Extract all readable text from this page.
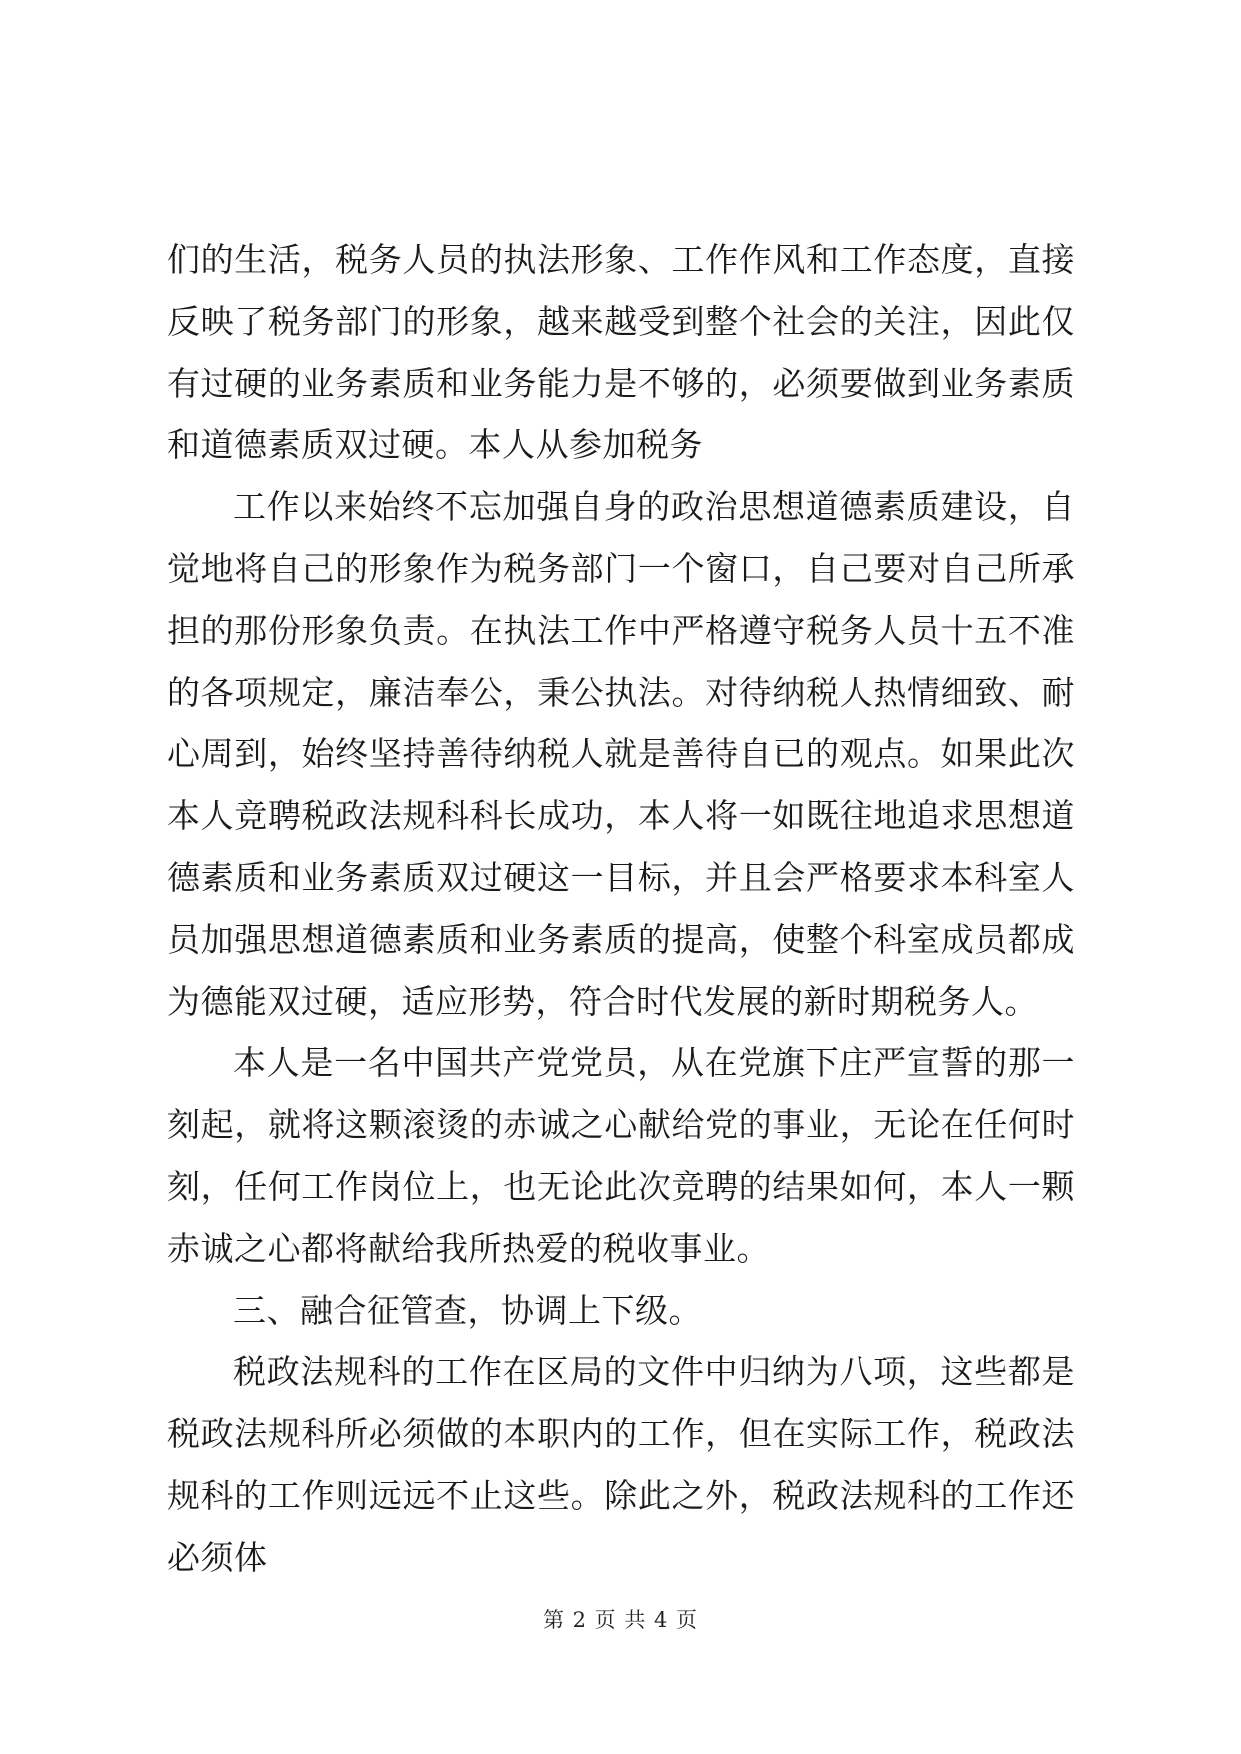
们的生活，税务人员的执法形象、工作作风和工作态度，直接反映了税务部门的形象，越来越受到整个社会的关注，因此仅有过硬的业务素质和业务能力是不够的，必须要做到业务素质和道德素质双过硬。本人从参加税务

工作以来始终不忘加强自身的政治思想道德素质建设，自觉地将自己的形象作为税务部门一个窗口，自己要对自己所承担的那份形象负责。在执法工作中严格遵守税务人员十五不准的各项规定，廉洁奉公，秉公执法。对待纳税人热情细致、耐心周到，始终坚持善待纳税人就是善待自已的观点。如果此次本人竞聘税政法规科科长成功，本人将一如既往地追求思想道德素质和业务素质双过硬这一目标，并且会严格要求本科室人员加强思想道德素质和业务素质的提高，使整个科室成员都成为德能双过硬，适应形势，符合时代发展的新时期税务人。

本人是一名中国共产党党员，从在党旗下庄严宣誓的那一刻起，就将这颗滚烫的赤诚之心献给党的事业，无论在任何时刻，任何工作岗位上，也无论此次竞聘的结果如何，本人一颗赤诚之心都将献给我所热爱的税收事业。

三、融合征管查，协调上下级。

税政法规科的工作在区局的文件中归纳为八项，这些都是税政法规科所必须做的本职内的工作，但在实际工作，税政法规科的工作则远远不止这些。除此之外，税政法规科的工作还必须体

第 2 页 共 4 页
